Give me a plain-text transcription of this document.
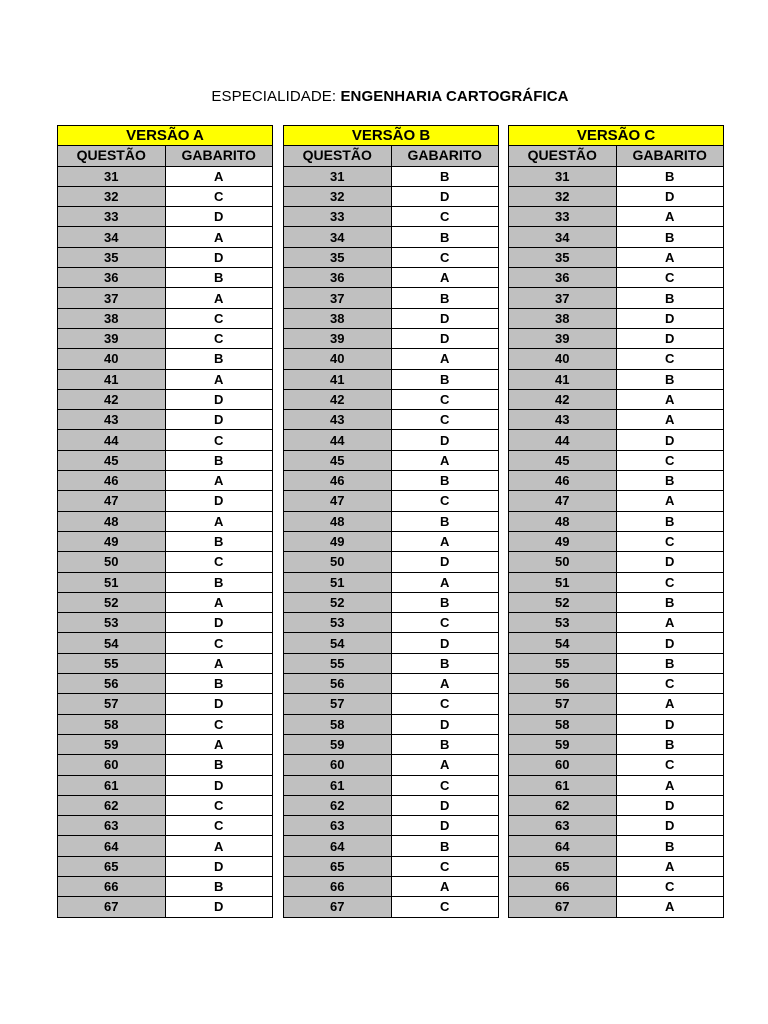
ESPECIALIDADE: ENGENHARIA CARTOGRÁFICA
VERSÃO A	
QUESTÃO	GABARITO
31	A
32	C
33	D
34	A
35	D
36	B
37	A
38	C
39	C
40	B
41	A
42	D
43	D
44	C
45	B
46	A
47	D
48	A
49	B
50	C
51	B
52	A
53	D
54	C
55	A
56	B
57	D
58	C
59	A
60	B
61	D
62	C
63	C
64	A
65	D
66	B
67	D
VERSÃO B	
QUESTÃO	GABARITO
31	B
32	D
33	C
34	B
35	C
36	A
37	B
38	D
39	D
40	A
41	B
42	C
43	C
44	D
45	A
46	B
47	C
48	B
49	A
50	D
51	A
52	B
53	C
54	D
55	B
56	A
57	C
58	D
59	B
60	A
61	C
62	D
63	D
64	B
65	C
66	A
67	C
VERSÃO C	
QUESTÃO	GABARITO
31	B
32	D
33	A
34	B
35	A
36	C
37	B
38	D
39	D
40	C
41	B
42	A
43	A
44	D
45	C
46	B
47	A
48	B
49	C
50	D
51	C
52	B
53	A
54	D
55	B
56	C
57	A
58	D
59	B
60	C
61	A
62	D
63	D
64	B
65	A
66	C
67	A
